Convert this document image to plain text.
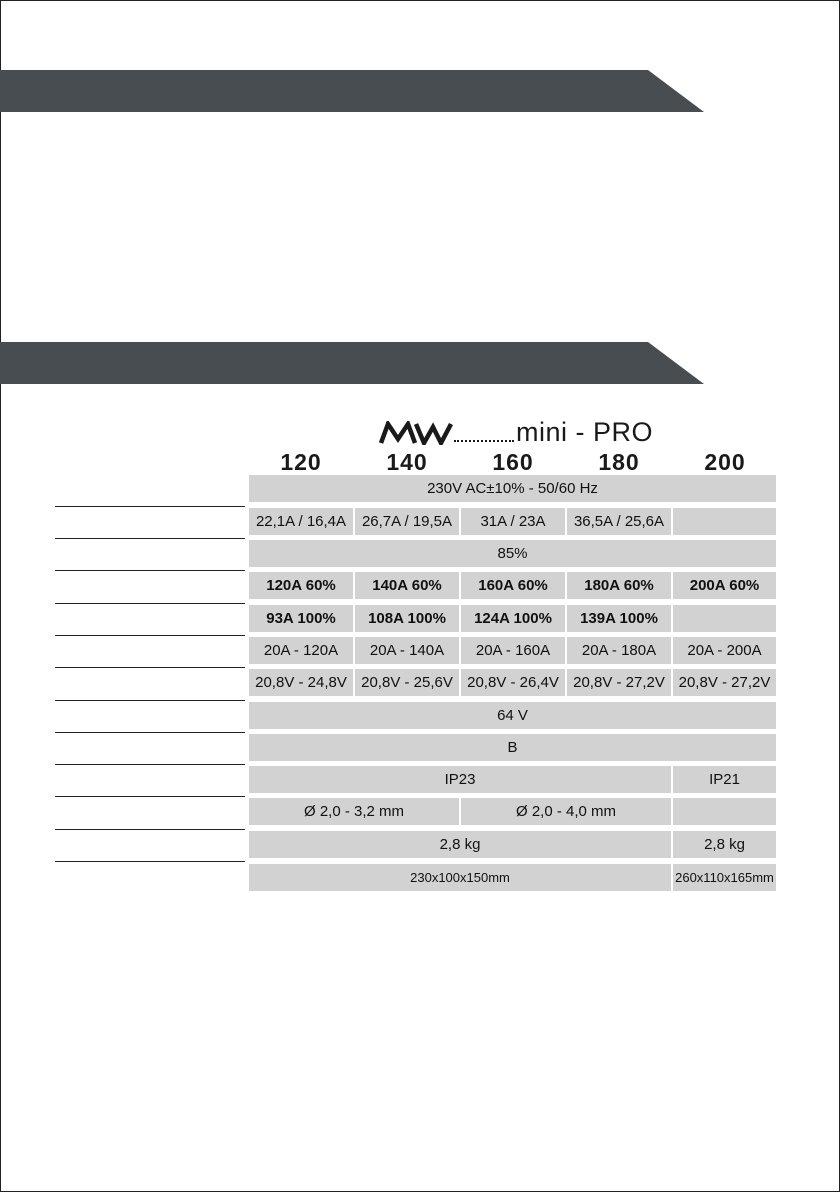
mini - PRO
120	140	160	180	200
230V AC±10% - 50/60 Hz
22,1A / 16,4A	26,7A / 19,5A	31A / 23A	36,5A / 25,6A
85%
120A 60%	140A 60%	160A 60%	180A 60%	200A 60%
93A 100%	108A 100%	124A 100%	139A 100%
20A - 120A	20A - 140A	20A - 160A	20A - 180A	20A - 200A
20,8V - 24,8V 20,8V - 25,6V 20,8V - 26,4V 20,8V - 27,2V 20,8V - 27,2V
64 V
B
IP23	IP21
Ø 2,0 - 3,2 mm	Ø 2,0 - 4,0 mm
2,8 kg	2,8 kg
230x100x150mm	260x110x165mm
